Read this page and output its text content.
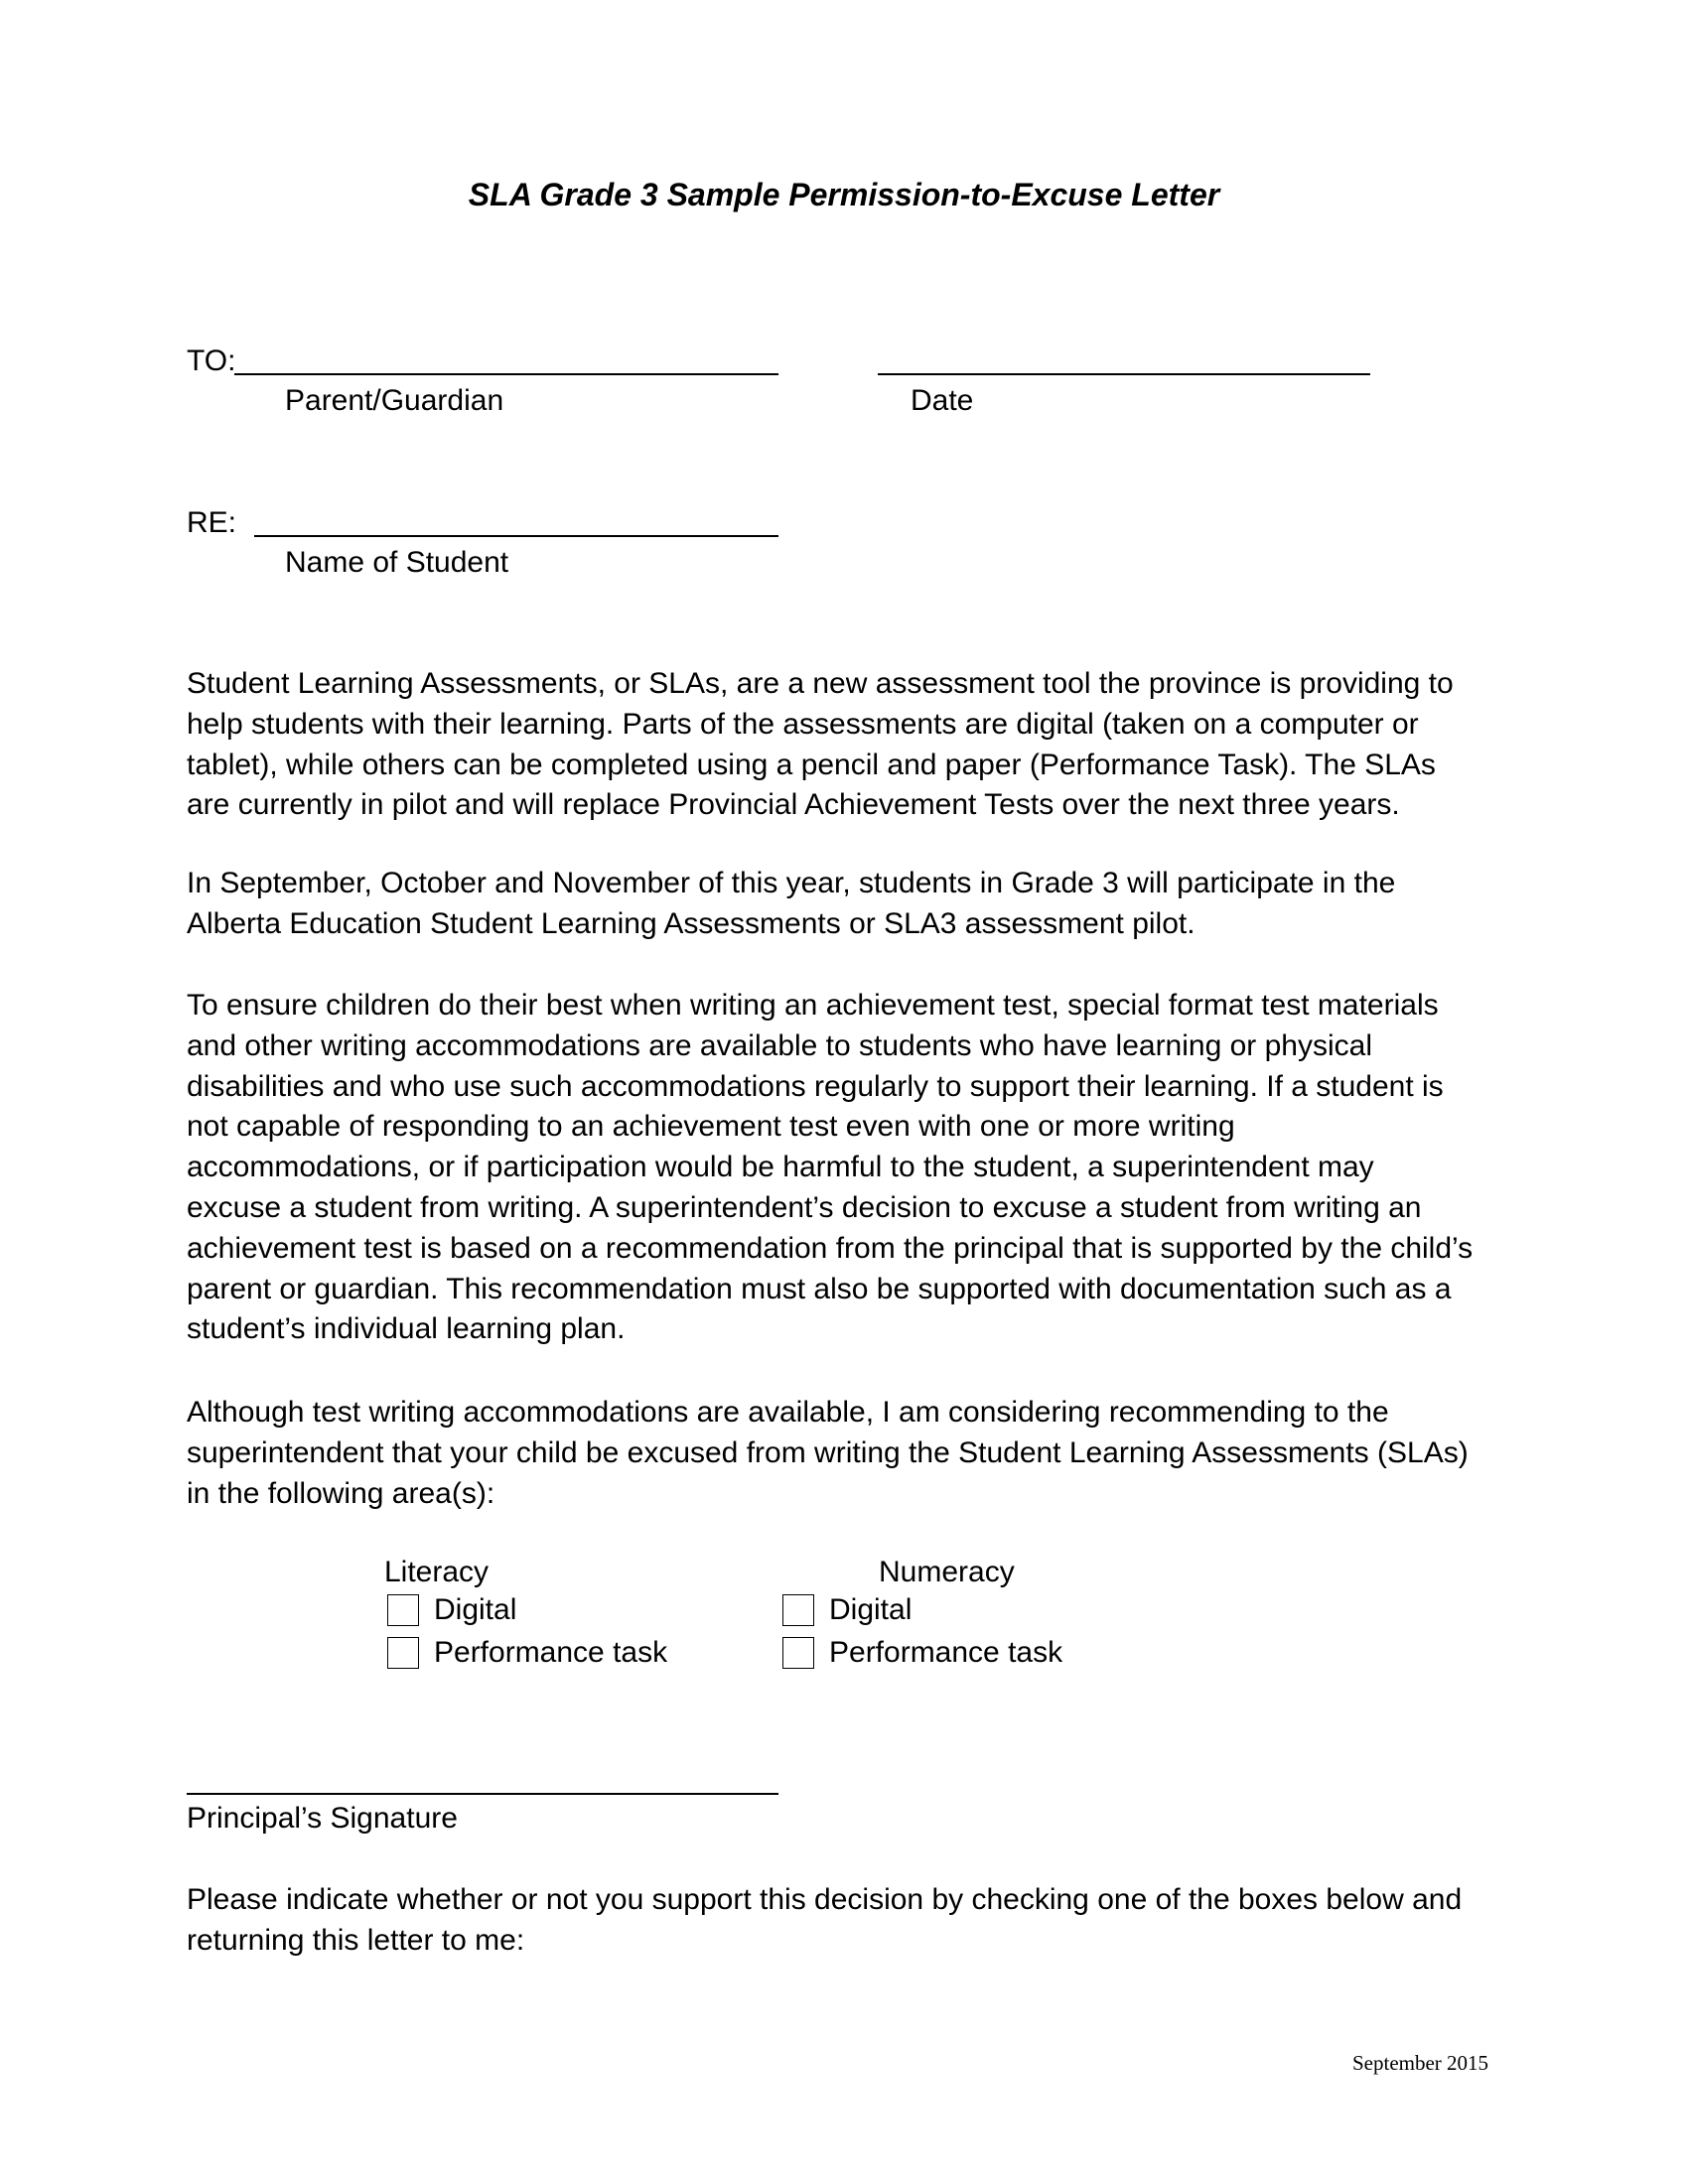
SLA Grade 3 Sample Permission-to-Excuse Letter
TO:
Parent/Guardian	Date
RE:
Name of Student
Student Learning Assessments, or SLAs, are a new assessment tool the province is providing to
help students with their learning. Parts of the assessments are digital (taken on a computer or
tablet), while others can be completed using a pencil and paper (Performance Task). The SLAs
are currently in pilot and will replace Provincial Achievement Tests over the next three years.
In September, October and November of this year, students in Grade 3 will participate in the
Alberta Education Student Learning Assessments or SLA3 assessment pilot.
To ensure children do their best when writing an achievement test, special format test materials
and other writing accommodations are available to students who have learning or physical
disabilities and who use such accommodations regularly to support their learning. If a student is
not capable of responding to an achievement test even with one or more writing
accommodations, or if participation would be harmful to the student, a superintendent may
excuse a student from writing. A superintendent’s decision to excuse a student from writing an
achievement test is based on a recommendation from the principal that is supported by the child’s
parent or guardian. This recommendation must also be supported with documentation such as a
student’s individual learning plan.
Although test writing accommodations are available, I am considering recommending to the
superintendent that your child be excused from writing the Student Learning Assessments (SLAs)
in the following area(s):
Literacy
Digital
Performance task
Numeracy
Digital
Performance task
Principal’s Signature
Please indicate whether or not you support this decision by checking one of the boxes below and
returning this letter to me:
September 2015
